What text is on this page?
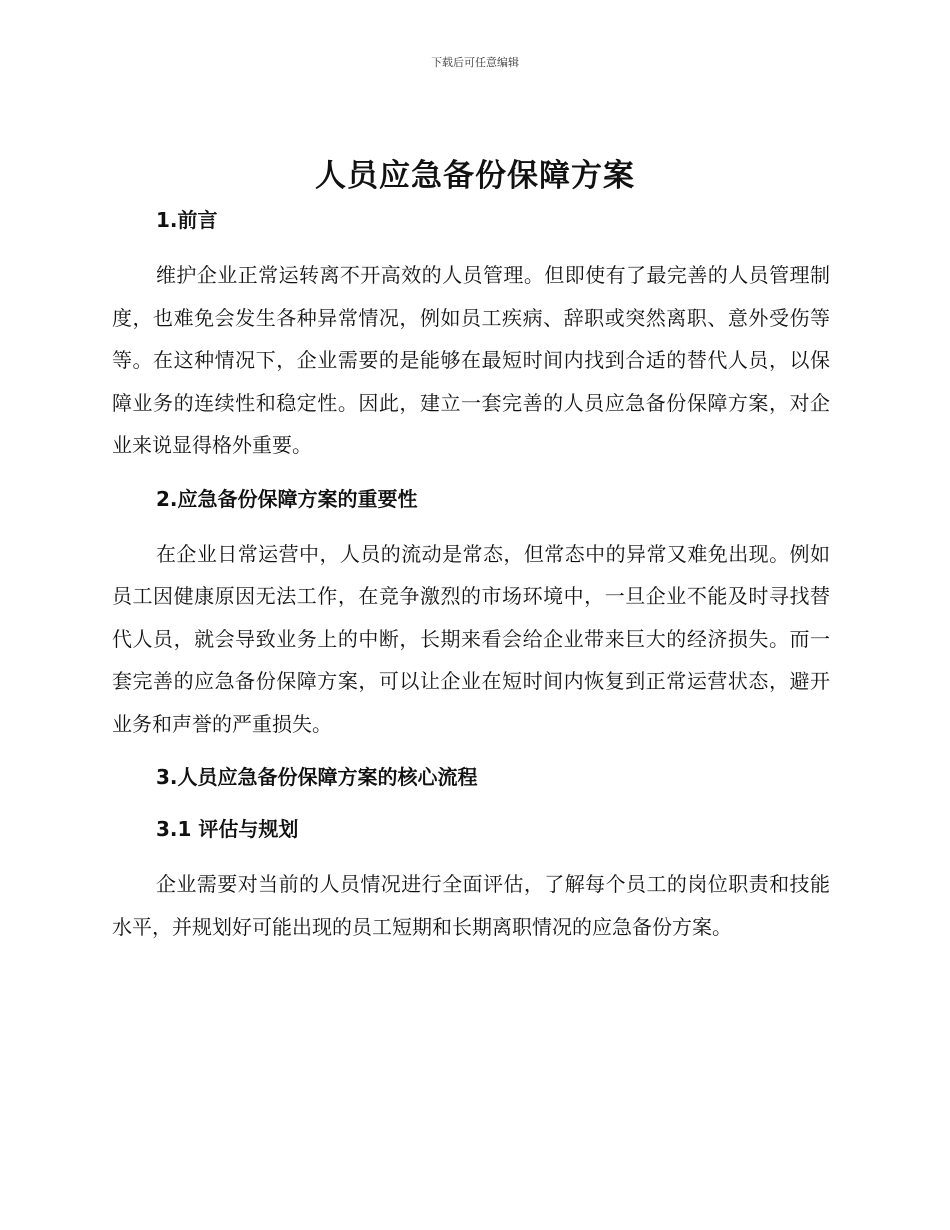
下载后可任意编辑
人员应急备份保障方案
1.前言

维护企业正常运转离不开高效的人员管理。但即使有了最完善的人员管理制度，也难免会发生各种异常情况，例如员工疾病、辞职或突然离职、意外受伤等等。在这种情况下，企业需要的是能够在最短时间内找到合适的替代人员，以保障业务的连续性和稳定性。因此，建立一套完善的人员应急备份保障方案，对企业来说显得格外重要。

2.应急备份保障方案的重要性

在企业日常运营中，人员的流动是常态，但常态中的异常又难免出现。例如员工因健康原因无法工作，在竞争激烈的市场环境中，一旦企业不能及时寻找替代人员，就会导致业务上的中断，长期来看会给企业带来巨大的经济损失。而一套完善的应急备份保障方案，可以让企业在短时间内恢复到正常运营状态，避开业务和声誉的严重损失。

3.人员应急备份保障方案的核心流程
3.1 评估与规划

企业需要对当前的人员情况进行全面评估，了解每个员工的岗位职责和技能水平，并规划好可能出现的员工短期和长期离职情况的应急备份方案。
